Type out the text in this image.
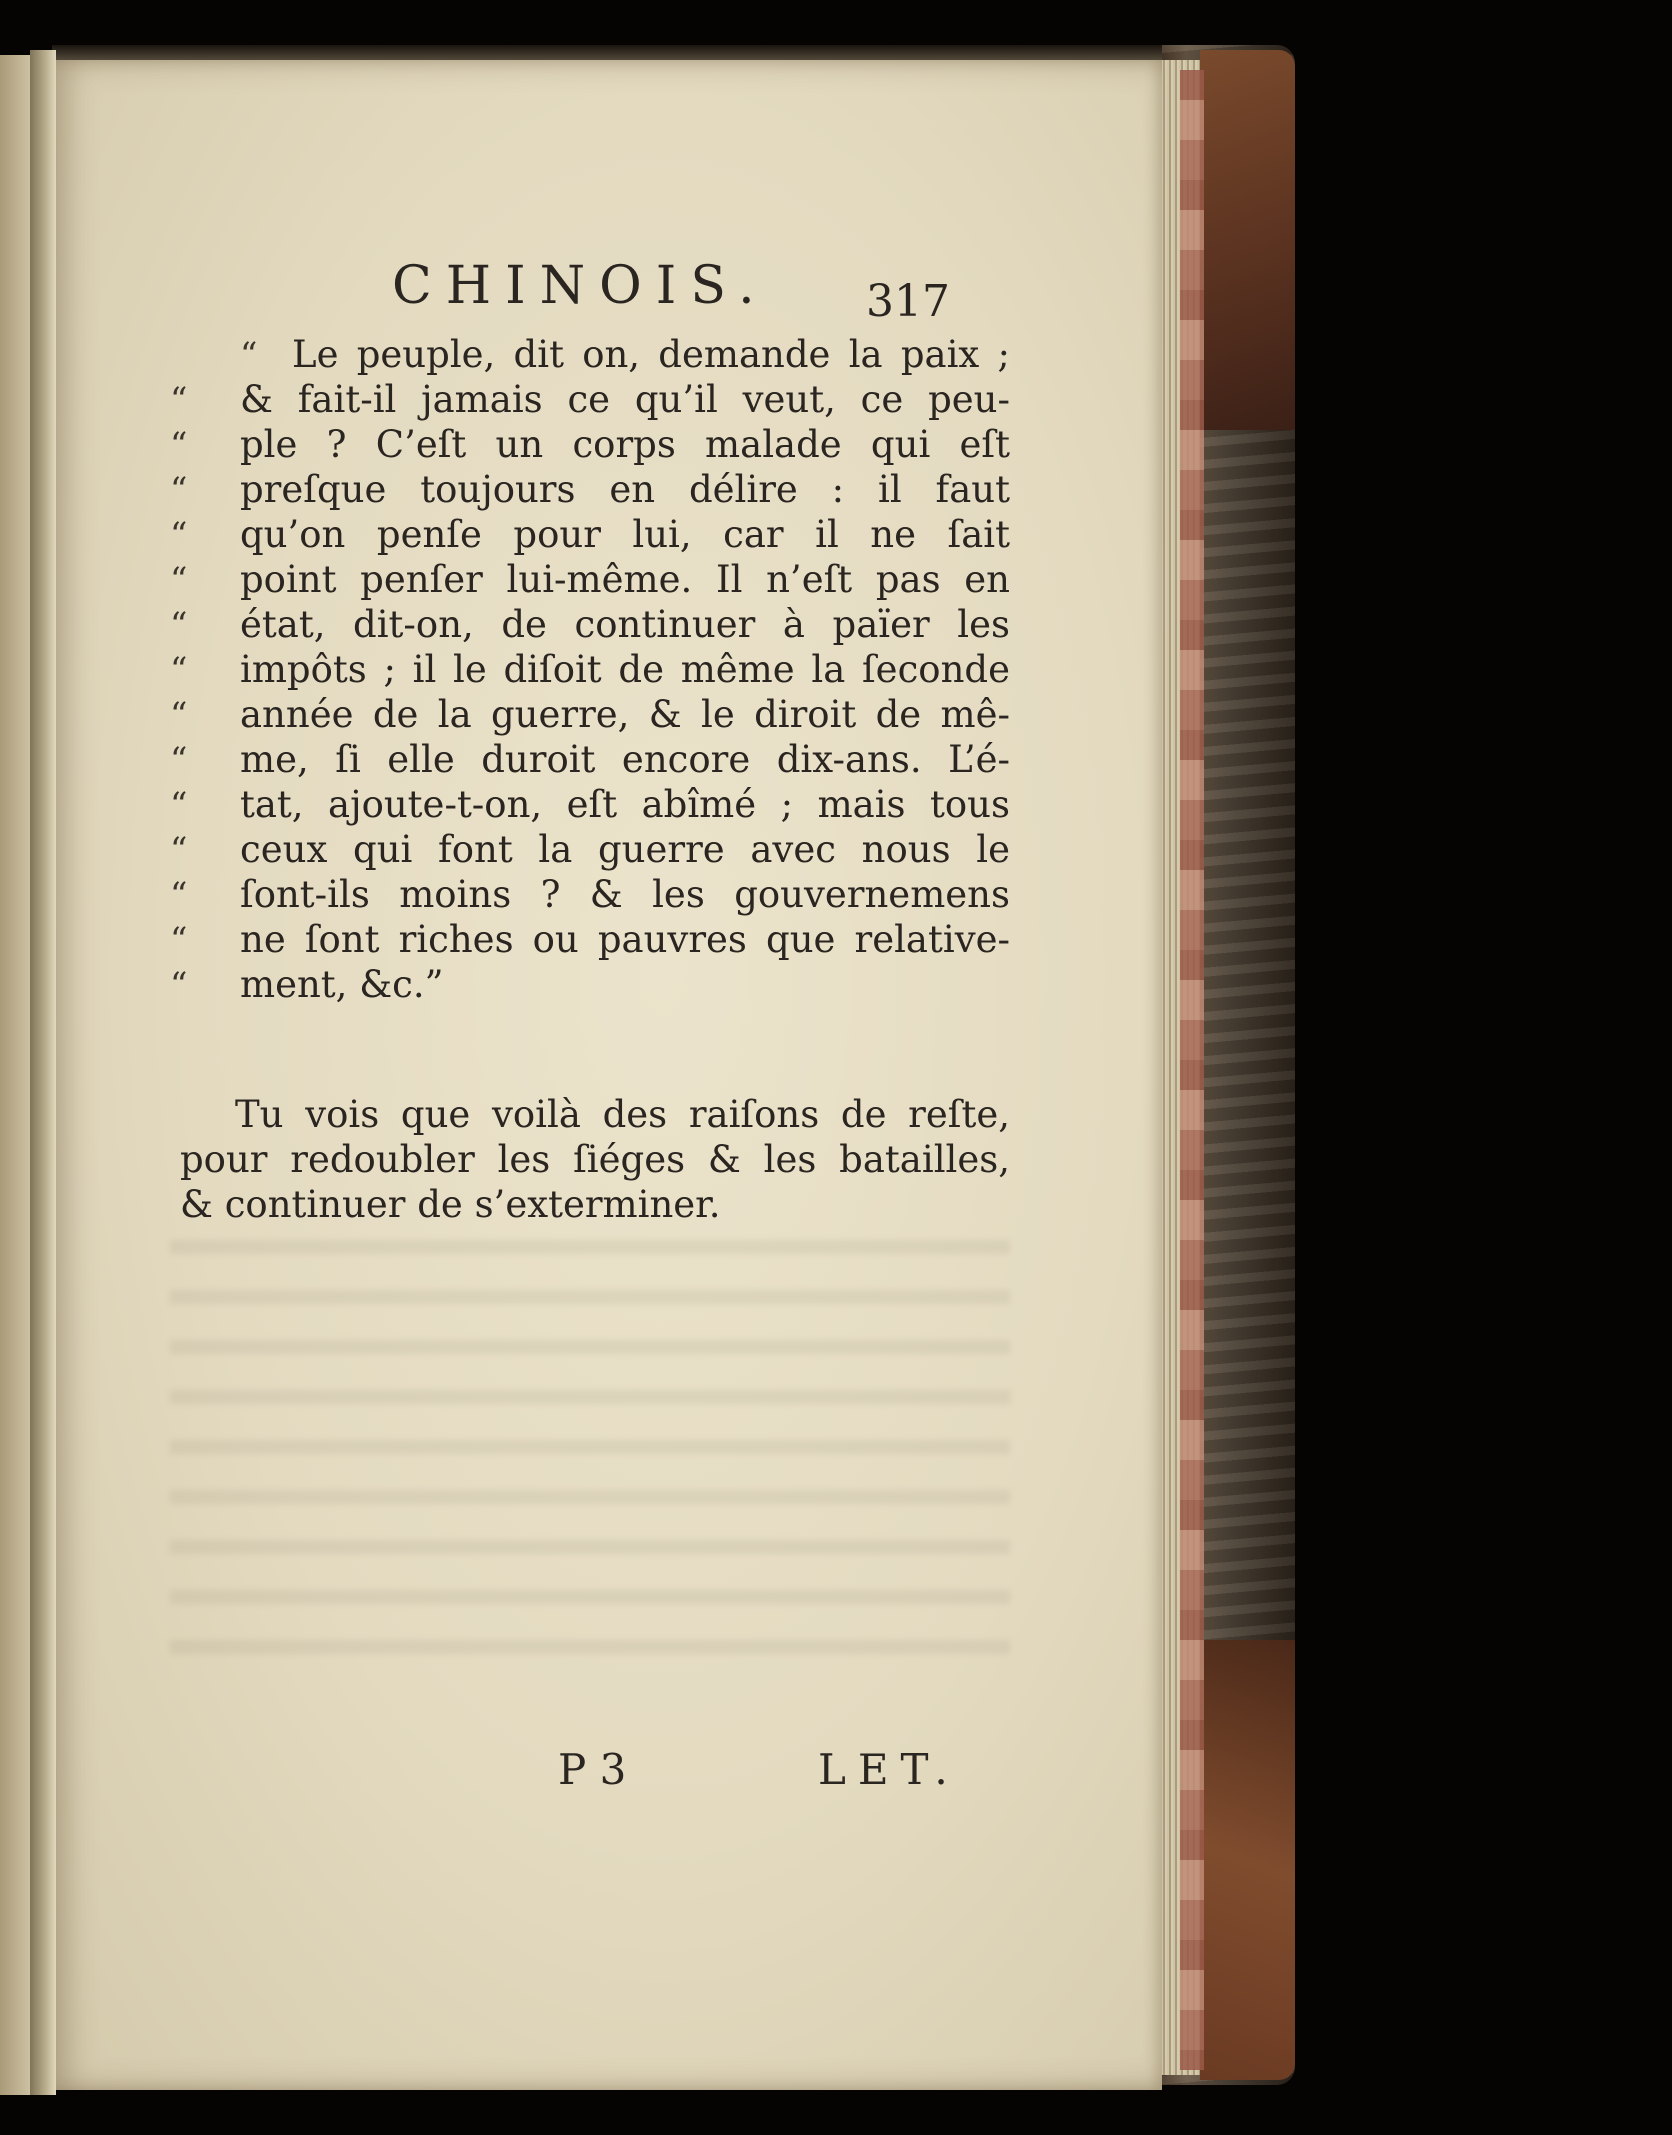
CHINOIS. 317
“ Le peuple, dit on, demande la paix ;
“ & fait-il jamais ce qu’il veut, ce peu-
“ ple ? C’eſt un corps malade qui eſt
“ preſque toujours en délire : il faut
“ qu’on penſe pour lui, car il ne ſait
“ point penſer lui-même. Il n’eſt pas en
“ état, dit-on, de continuer à païer les
“ impôts ; il le diſoit de même la ſeconde
“ année de la guerre, & le diroit de mê-
“ me, ſi elle duroit encore dix-ans. L’é-
“ tat, ajoute-t-on, eſt abîmé ; mais tous
“ ceux qui font la guerre avec nous le
“ ſont-ils moins ? & les gouvernemens
“ ne ſont riches ou pauvres que relative-
“ ment, &c.”
Tu vois que voilà des raiſons de reſte,
pour redoubler les ſiéges & les batailles,
& continuer de s’exterminer.
P 3	LET.
